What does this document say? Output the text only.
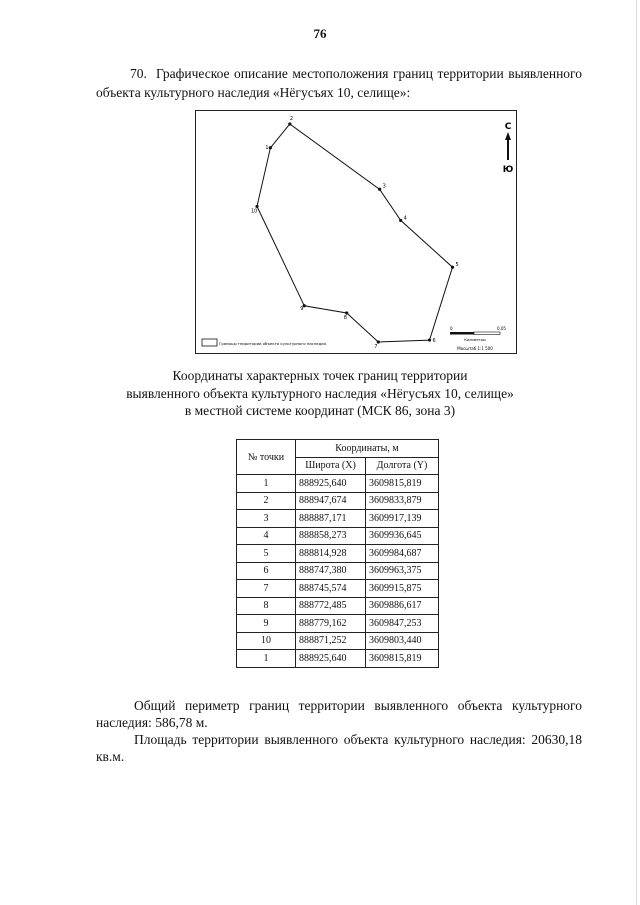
76
70. Графическое описание местоположения границ территории выявленного объекта культурного наследия «Нёгусъях 10, селище»:
1
2
3
4
5
6
7
8
9
10
С
Ю
Границы территории объекта культурного наследия
0	0,05
Километры
Масштаб 1:1 500
Координаты характерных точек границ территории
выявленного объекта культурного наследия «Нёгусъях 10, селище»
в местной системе координат (МСК 86, зона 3)
№ точки	Координаты, м	
	Широта (X)	Долгота (Y)
1	888925,640	3609815,819
2	888947,674	3609833,879
3	888887,171	3609917,139
4	888858,273	3609936,645
5	888814,928	3609984,687
6	888747,380	3609963,375
7	888745,574	3609915,875
8	888772,485	3609886,617
9	888779,162	3609847,253
10	888871,252	3609803,440
1	888925,640	3609815,819

Общий периметр границ территории выявленного объекта культурного наследия: 586,78 м.

Площадь территории выявленного объекта культурного наследия: 20630,18 кв.м.
